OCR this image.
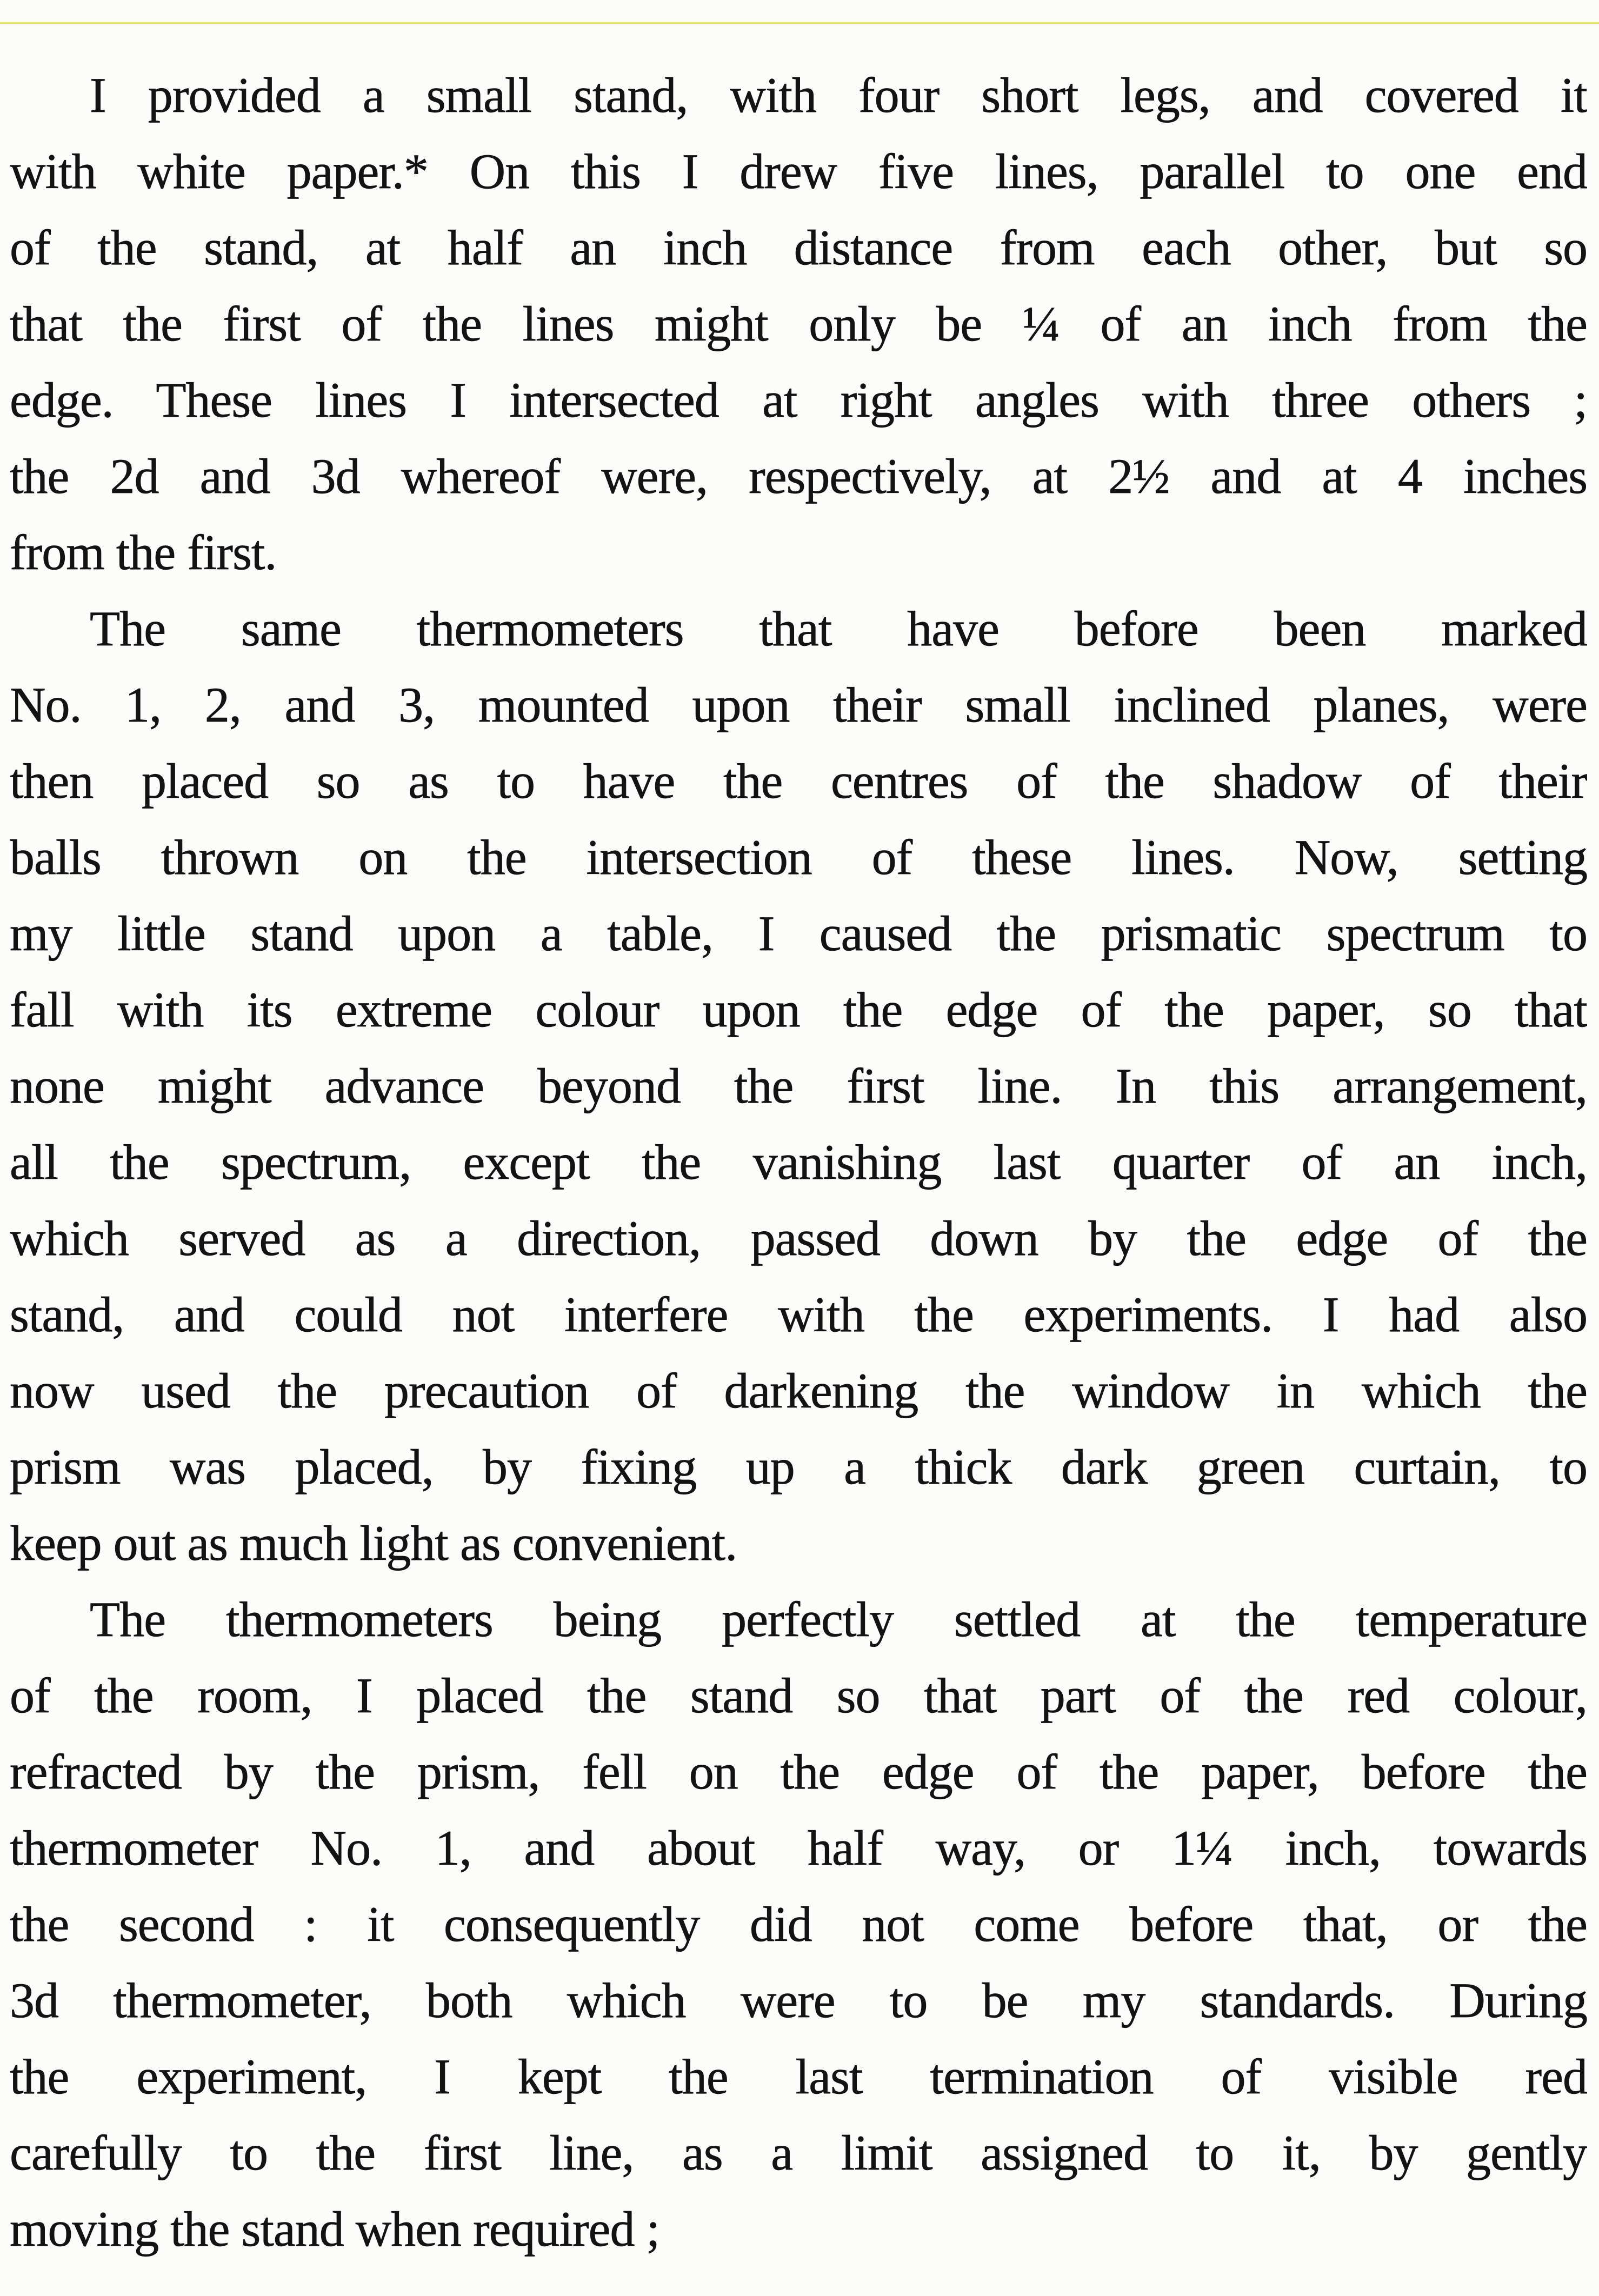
I provided a small stand, with four short legs, and covered it
with white paper.* On this I drew five lines, parallel to one end
of the stand, at half an inch distance from each other, but so
that the first of the lines might only be ¼ of an inch from the
edge. These lines I intersected at right angles with three others ;
the 2d and 3d whereof were, respectively, at 2½ and at 4 inches
from the first.
The same thermometers that have before been marked
No. 1, 2, and 3, mounted upon their small inclined planes, were
then placed so as to have the centres of the shadow of their
balls thrown on the intersection of these lines. Now, setting
my little stand upon a table, I caused the prismatic spectrum to
fall with its extreme colour upon the edge of the paper, so that
none might advance beyond the first line. In this arrangement,
all the spectrum, except the vanishing last quarter of an inch,
which served as a direction, passed down by the edge of the
stand, and could not interfere with the experiments. I had also
now used the precaution of darkening the window in which the
prism was placed, by fixing up a thick dark green curtain, to
keep out as much light as convenient.
The thermometers being perfectly settled at the temperature
of the room, I placed the stand so that part of the red colour,
refracted by the prism, fell on the edge of the paper, before the
thermometer No. 1, and about half way, or 1¼ inch, towards
the second : it consequently did not come before that, or the
3d thermometer, both which were to be my standards. During
the experiment, I kept the last termination of visible red
carefully to the first line, as a limit assigned to it, by gently
moving the stand when required ;
